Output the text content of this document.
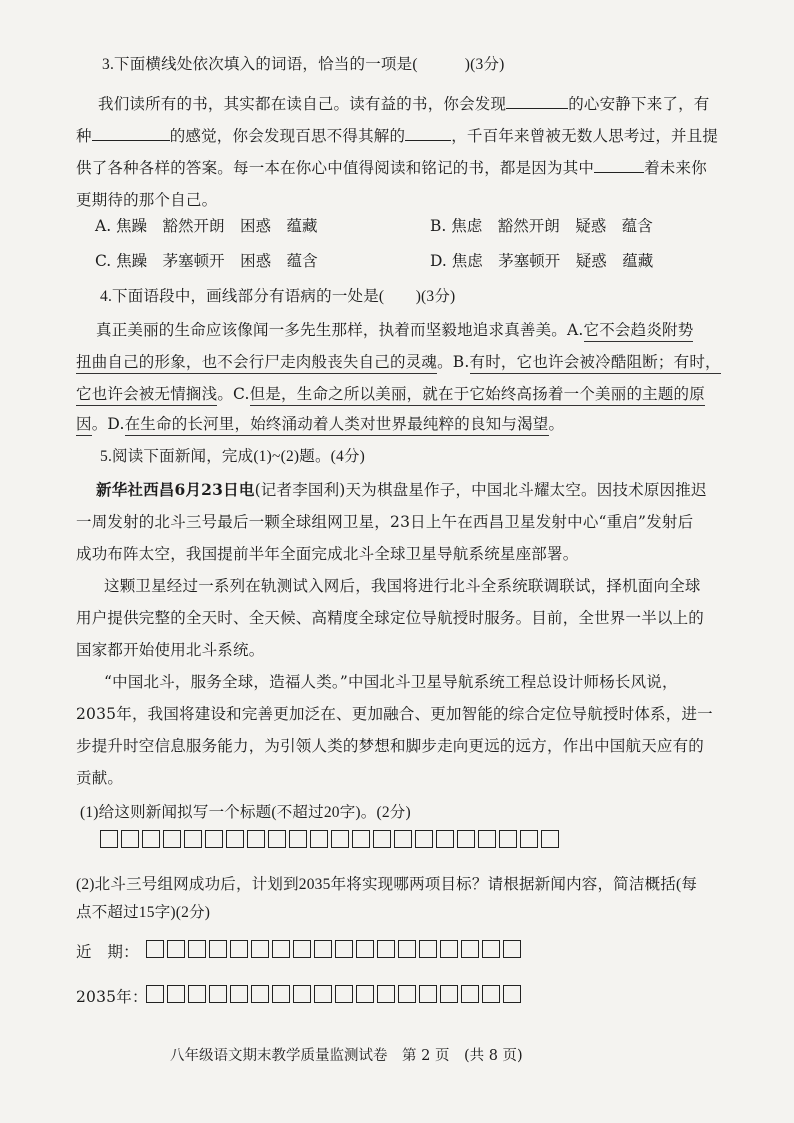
3.下面横线处依次填入的词语，恰当的一项是(　　　)(3分)
我们读所有的书，其实都在读自己。读有益的书，你会发现	的心安静下来了，有
种	的感觉，你会发现百思不得其解的	，千百年来曾被无数人思考过，并且提
供了各种各样的答案。每一本在你心中值得阅读和铭记的书，都是因为其中	着未来你
更期待的那个自己。
A. 焦躁　豁然开朗　困惑　蕴藏	B. 焦虑　豁然开朗　疑惑　蕴含
C. 焦躁　茅塞顿开　困惑　蕴含	D. 焦虑　茅塞顿开　疑惑　蕴藏
4.下面语段中，画线部分有语病的一处是(　　)(3分)
真正美丽的生命应该像闻一多先生那样，执着而坚毅地追求真善美。A.它不会趋炎附势
扭曲自己的形象，也不会行尸走肉般丧失自己的灵魂。B.有时，它也许会被冷酷阻断；有时，
它也许会被无情搁浅。C.但是，生命之所以美丽，就在于它始终高扬着一个美丽的主题的原
因。D.在生命的长河里，始终涌动着人类对世界最纯粹的良知与渴望。
5.阅读下面新闻，完成(1)~(2)题。(4分)
新华社西昌6月23日电(记者李国利)天为棋盘星作子，中国北斗耀太空。因技术原因推迟
一周发射的北斗三号最后一颗全球组网卫星，23日上午在西昌卫星发射中心“重启”发射后
成功布阵太空，我国提前半年全面完成北斗全球卫星导航系统星座部署。
这颗卫星经过一系列在轨测试入网后，我国将进行北斗全系统联调联试，择机面向全球
用户提供完整的全天时、全天候、高精度全球定位导航授时服务。目前，全世界一半以上的
国家都开始使用北斗系统。
“中国北斗，服务全球，造福人类。”中国北斗卫星导航系统工程总设计师杨长风说，
2035年，我国将建设和完善更加泛在、更加融合、更加智能的综合定位导航授时体系，进一
步提升时空信息服务能力，为引领人类的梦想和脚步走向更远的远方，作出中国航天应有的
贡献。
(1)给这则新闻拟写一个标题(不超过20字)。(2分)
(2)北斗三号组网成功后，计划到2035年将实现哪两项目标？请根据新闻内容，简洁概括(每
点不超过15字)(2分)
近　期：
2035年：
八年级语文期末教学质量监测试卷　第 2 页　(共 8 页)
